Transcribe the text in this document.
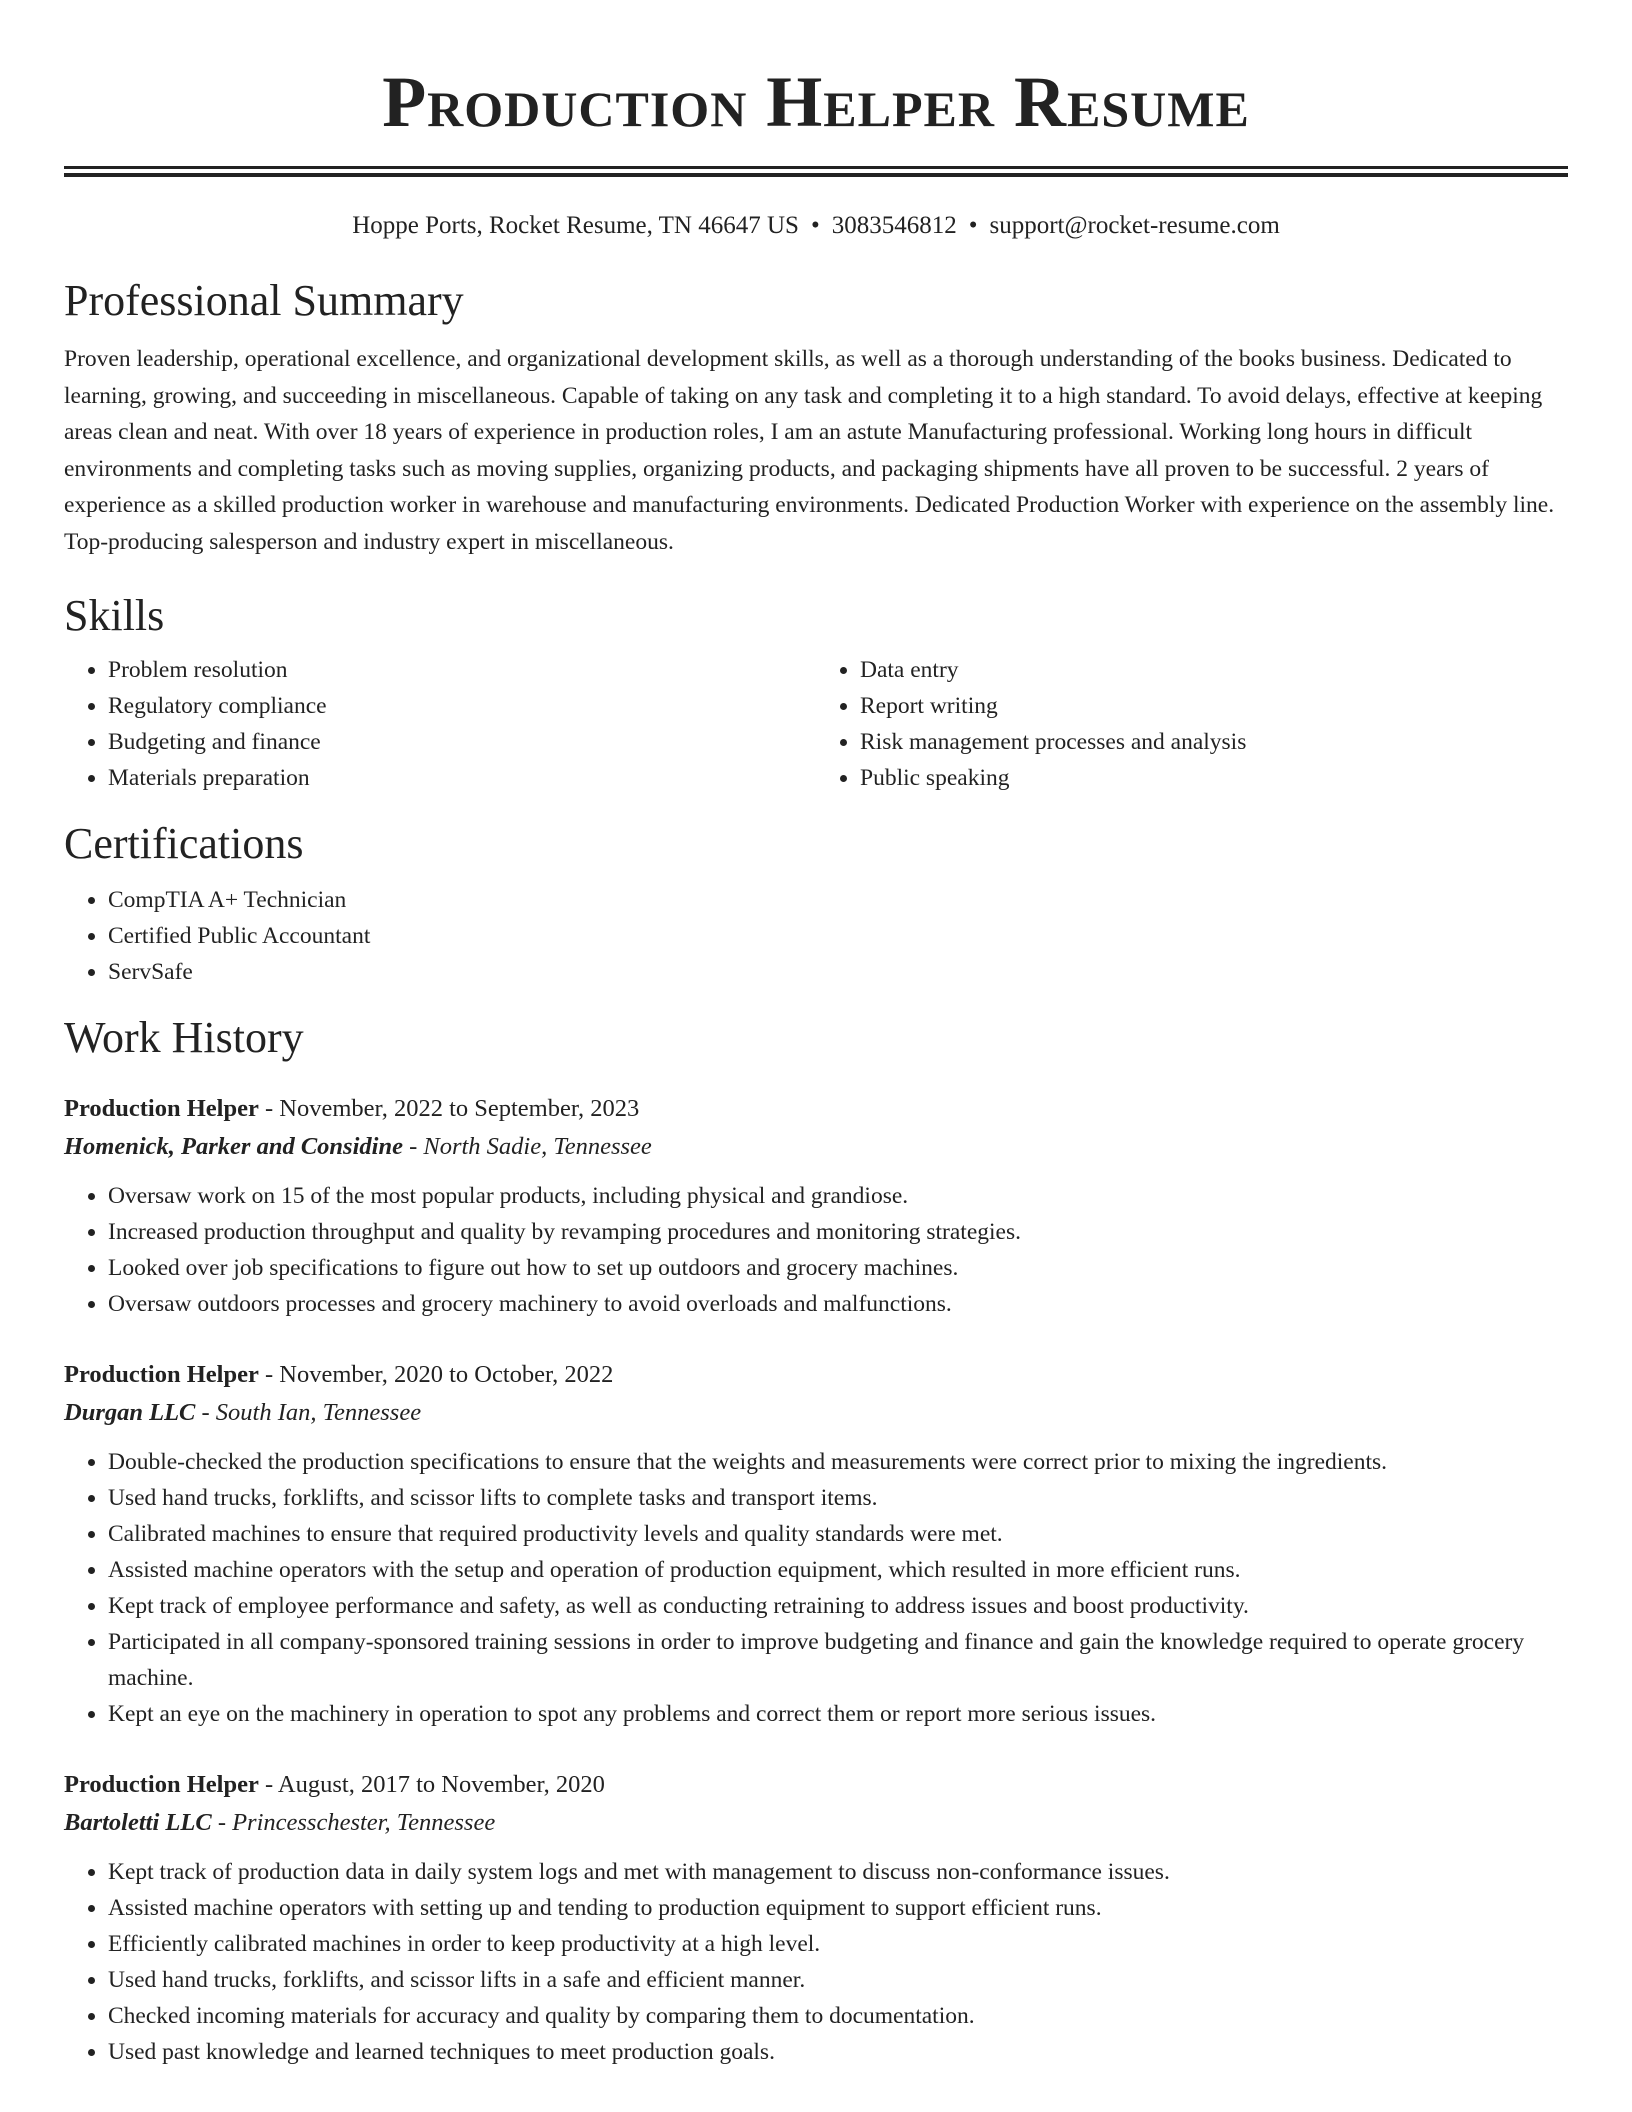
Production Helper Resume
Hoppe Ports, Rocket Resume, TN 46647 US • 3083546812 • support@rocket-resume.com
Professional Summary

Proven leadership, operational excellence, and organizational development skills, as well as a thorough understanding of the books business. Dedicated to learning, growing, and succeeding in miscellaneous. Capable of taking on any task and completing it to a high standard. To avoid delays, effective at keeping areas clean and neat. With over 18 years of experience in production roles, I am an astute Manufacturing professional. Working long hours in difficult environments and completing tasks such as moving supplies, organizing products, and packaging shipments have all proven to be successful. 2 years of experience as a skilled production worker in warehouse and manufacturing environments. Dedicated Production Worker with experience on the assembly line. Top-producing salesperson and industry expert in miscellaneous.

Skills
• Problem resolution
• Regulatory compliance
• Budgeting and finance
• Materials preparation
• Data entry
• Report writing
• Risk management processes and analysis
• Public speaking
Certifications
• CompTIA A+ Technician
• Certified Public Accountant
• ServSafe
Work History
Production Helper - November, 2022 to September, 2023
Homenick, Parker and Considine - North Sadie, Tennessee
• Oversaw work on 15 of the most popular products, including physical and grandiose.
• Increased production throughput and quality by revamping procedures and monitoring strategies.
• Looked over job specifications to figure out how to set up outdoors and grocery machines.
• Oversaw outdoors processes and grocery machinery to avoid overloads and malfunctions.
Production Helper - November, 2020 to October, 2022
Durgan LLC - South Ian, Tennessee
• Double-checked the production specifications to ensure that the weights and measurements were correct prior to mixing the ingredients.
• Used hand trucks, forklifts, and scissor lifts to complete tasks and transport items.
• Calibrated machines to ensure that required productivity levels and quality standards were met.
• Assisted machine operators with the setup and operation of production equipment, which resulted in more efficient runs.
• Kept track of employee performance and safety, as well as conducting retraining to address issues and boost productivity.
• Participated in all company-sponsored training sessions in order to improve budgeting and finance and gain the knowledge required to operate grocery machine.
• Kept an eye on the machinery in operation to spot any problems and correct them or report more serious issues.
Production Helper - August, 2017 to November, 2020
Bartoletti LLC - Princesschester, Tennessee
• Kept track of production data in daily system logs and met with management to discuss non-conformance issues.
• Assisted machine operators with setting up and tending to production equipment to support efficient runs.
• Efficiently calibrated machines in order to keep productivity at a high level.
• Used hand trucks, forklifts, and scissor lifts in a safe and efficient manner.
• Checked incoming materials for accuracy and quality by comparing them to documentation.
• Used past knowledge and learned techniques to meet production goals.
